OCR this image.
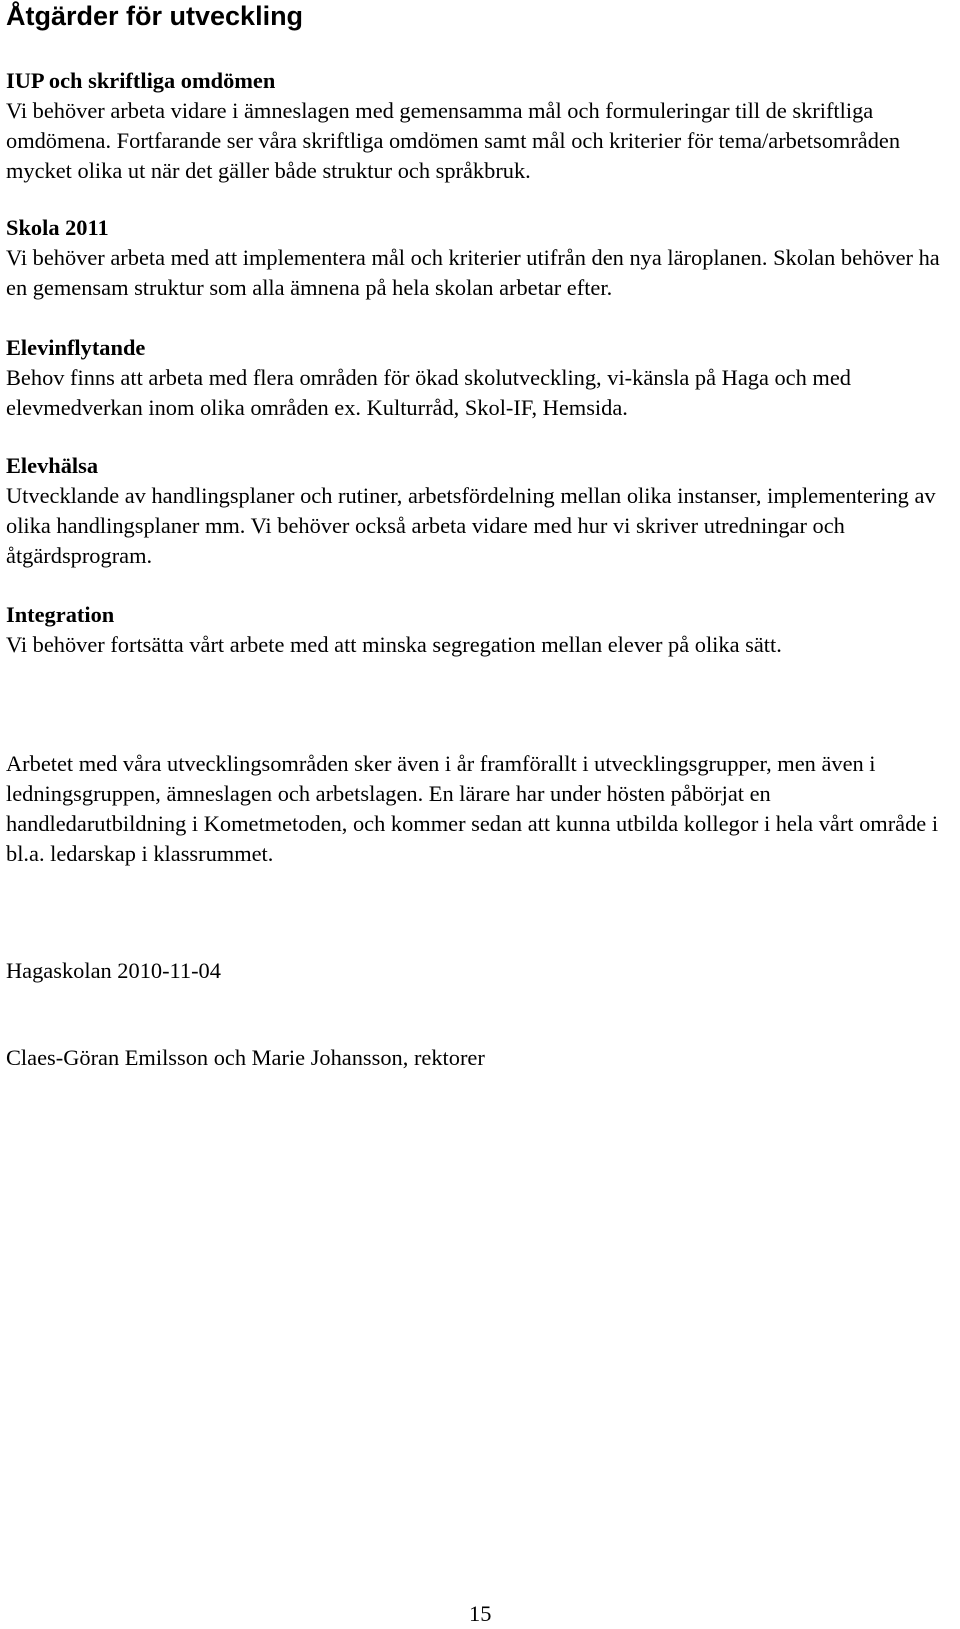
Åtgärder för utveckling
IUP och skriftliga omdömen
Vi behöver arbeta vidare i ämneslagen med gemensamma mål och formuleringar till de skriftliga omdömena. Fortfarande ser våra skriftliga omdömen samt mål och kriterier för tema/arbetsområden mycket olika ut när det gäller både struktur och språkbruk.
Skola 2011
Vi behöver arbeta med att implementera mål och kriterier utifrån den nya läroplanen. Skolan behöver ha en gemensam struktur som alla ämnena på hela skolan arbetar efter.
Elevinflytande
Behov finns att arbeta med flera områden för ökad skolutveckling, vi-känsla på Haga och med elevmedverkan inom olika områden ex. Kulturråd, Skol-IF, Hemsida.
Elevhälsa
Utvecklande av handlingsplaner och rutiner, arbetsfördelning mellan olika instanser, implementering av olika handlingsplaner mm. Vi behöver också arbeta vidare med hur vi skriver utredningar och åtgärdsprogram.
Integration
Vi behöver fortsätta vårt arbete med att minska segregation mellan elever på olika sätt.

Arbetet med våra utvecklingsområden sker även i år framförallt i utvecklingsgrupper, men även i ledningsgruppen, ämneslagen och arbetslagen. En lärare har under hösten påbörjat en handledarutbildning i Kometmetoden, och kommer sedan att kunna utbilda kollegor i hela vårt område i bl.a. ledarskap i klassrummet.

Hagaskolan 2010-11-04
Claes-Göran Emilsson och Marie Johansson, rektorer
15
